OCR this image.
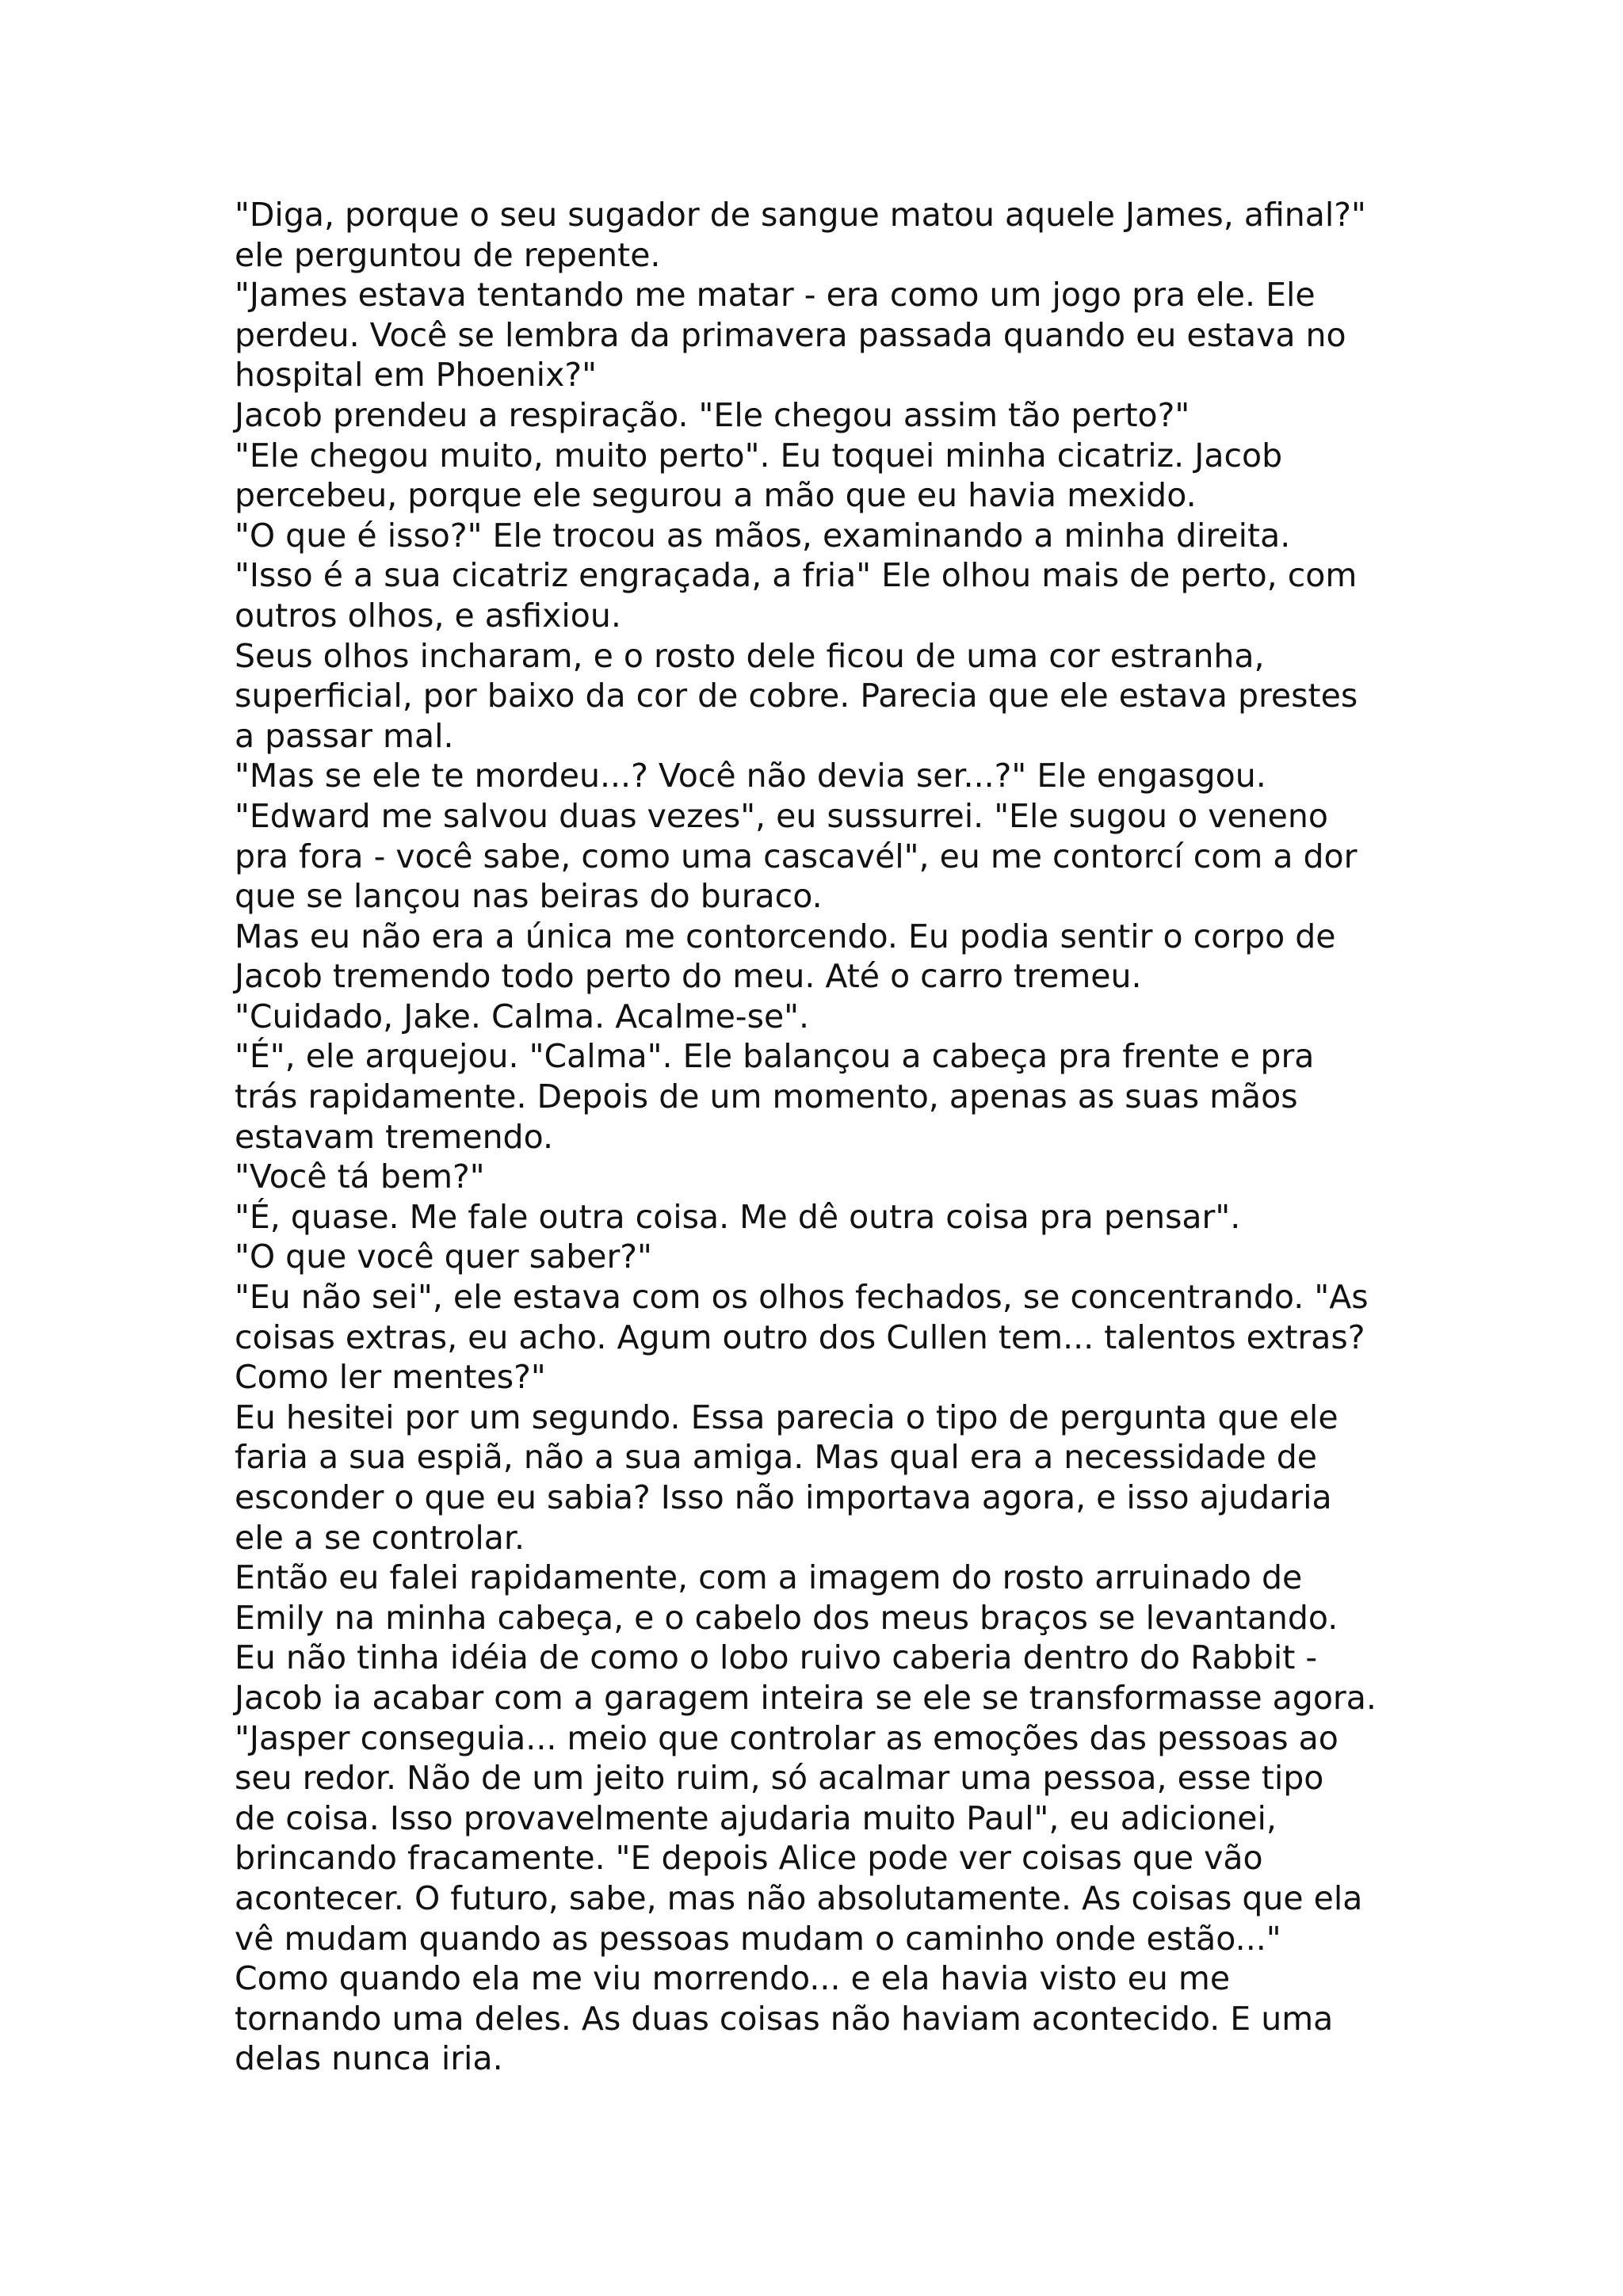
"Diga, porque o seu sugador de sangue matou aquele James, afinal?"

ele perguntou de repente.

"James estava tentando me matar - era como um jogo pra ele. Ele

perdeu. Você se lembra da primavera passada quando eu estava no

hospital em Phoenix?"

Jacob prendeu a respiração. "Ele chegou assim tão perto?"

"Ele chegou muito, muito perto". Eu toquei minha cicatriz. Jacob

percebeu, porque ele segurou a mão que eu havia mexido.

"O que é isso?" Ele trocou as mãos, examinando a minha direita.

"Isso é a sua cicatriz engraçada, a fria" Ele olhou mais de perto, com

outros olhos, e asfixiou.

Seus olhos incharam, e o rosto dele ficou de uma cor estranha,

superficial, por baixo da cor de cobre. Parecia que ele estava prestes

a passar mal.

"Mas se ele te mordeu...? Você não devia ser...?" Ele engasgou.

"Edward me salvou duas vezes", eu sussurrei. "Ele sugou o veneno

pra fora - você sabe, como uma cascavél", eu me contorcí com a dor

que se lançou nas beiras do buraco.

Mas eu não era a única me contorcendo. Eu podia sentir o corpo de

Jacob tremendo todo perto do meu. Até o carro tremeu.

"Cuidado, Jake. Calma. Acalme-se".

"É", ele arquejou. "Calma". Ele balançou a cabeça pra frente e pra

trás rapidamente. Depois de um momento, apenas as suas mãos

estavam tremendo.

"Você tá bem?"

"É, quase. Me fale outra coisa. Me dê outra coisa pra pensar".

"O que você quer saber?"

"Eu não sei", ele estava com os olhos fechados, se concentrando. "As

coisas extras, eu acho. Agum outro dos Cullen tem... talentos extras?

Como ler mentes?"

Eu hesitei por um segundo. Essa parecia o tipo de pergunta que ele

faria a sua espiã, não a sua amiga. Mas qual era a necessidade de

esconder o que eu sabia? Isso não importava agora, e isso ajudaria

ele a se controlar.

Então eu falei rapidamente, com a imagem do rosto arruinado de

Emily na minha cabeça, e o cabelo dos meus braços se levantando.

Eu não tinha idéia de como o lobo ruivo caberia dentro do Rabbit -

Jacob ia acabar com a garagem inteira se ele se transformasse agora.

"Jasper conseguia... meio que controlar as emoções das pessoas ao

seu redor. Não de um jeito ruim, só acalmar uma pessoa, esse tipo

de coisa. Isso provavelmente ajudaria muito Paul", eu adicionei,

brincando fracamente. "E depois Alice pode ver coisas que vão

acontecer. O futuro, sabe, mas não absolutamente. As coisas que ela

vê mudam quando as pessoas mudam o caminho onde estão..."

Como quando ela me viu morrendo... e ela havia visto eu me

tornando uma deles. As duas coisas não haviam acontecido. E uma

delas nunca iria.
